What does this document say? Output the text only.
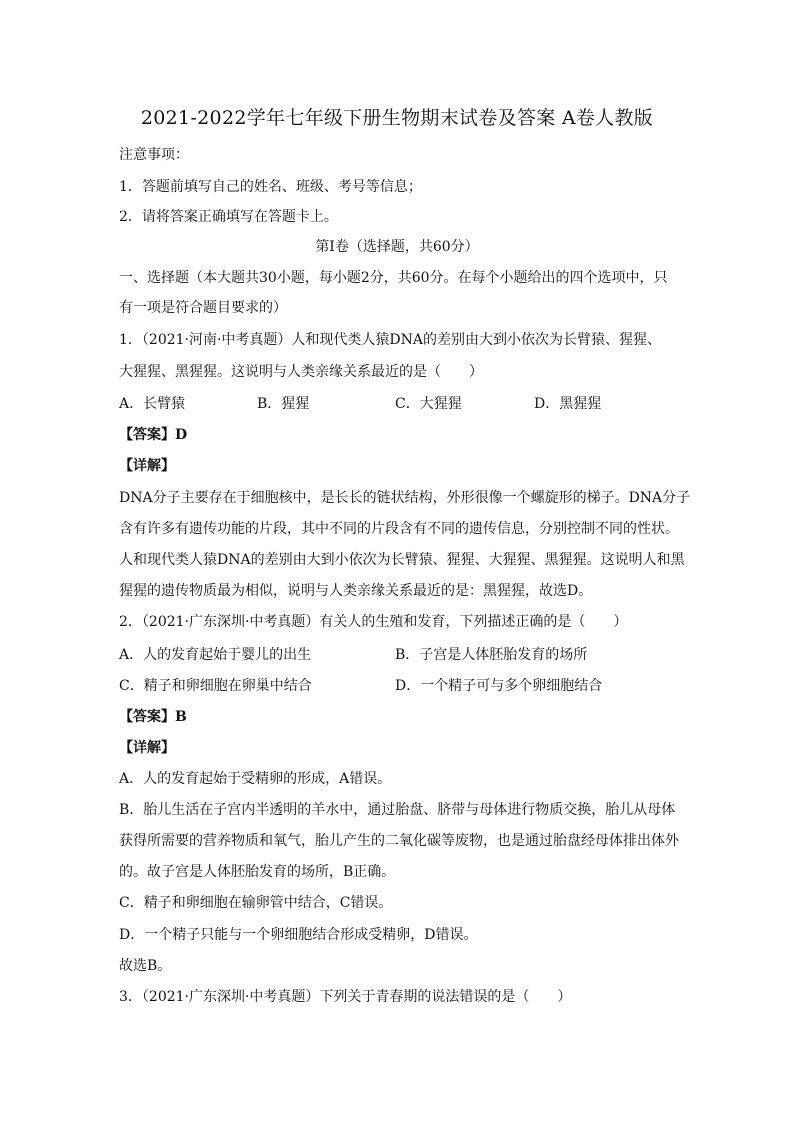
2021-2022学年七年级下册生物期末试卷及答案 A卷人教版
注意事项：
1．答题前填写自己的姓名、班级、考号等信息；
2．请将答案正确填写在答题卡上。
第Ⅰ卷（选择题，共60分）
一、选择题（本大题共30小题，每小题2分，共60分。在每个小题给出的四个选项中，只
有一项是符合题目要求的）
1．（2021·河南·中考真题）人和现代类人猿DNA的差别由大到小依次为长臂猿、猩猩、
大猩猩、黑猩猩。这说明与人类亲缘关系最近的是（　　）
A．长臂猿	B．猩猩	C．大猩猩	D．黑猩猩
【答案】D
【详解】
DNA分子主要存在于细胞核中，是长长的链状结构，外形很像一个螺旋形的梯子。DNA分子
含有许多有遗传功能的片段，其中不同的片段含有不同的遗传信息，分别控制不同的性状。
人和现代类人猿DNA的差别由大到小依次为长臂猿、猩猩、大猩猩、黑猩猩。这说明人和黑
猩猩的遗传物质最为相似，说明与人类亲缘关系最近的是：黑猩猩，故选D。
2．（2021·广东深圳·中考真题）有关人的生殖和发育，下列描述正确的是（　　）
A．人的发育起始于婴儿的出生	B．子宫是人体胚胎发育的场所
C．精子和卵细胞在卵巢中结合	D．一个精子可与多个卵细胞结合
【答案】B
【详解】
A．人的发育起始于受精卵的形成，A错误。
B．胎儿生活在子宫内半透明的羊水中，通过胎盘、脐带与母体进行物质交换，胎儿从母体
获得所需要的营养物质和氧气，胎儿产生的二氧化碳等废物，也是通过胎盘经母体排出体外
的。故子宫是人体胚胎发育的场所，B正确。
C．精子和卵细胞在输卵管中结合，C错误。
D．一个精子只能与一个卵细胞结合形成受精卵，D错误。
故选B。
3．（2021·广东深圳·中考真题）下列关于青春期的说法错误的是（　　）
